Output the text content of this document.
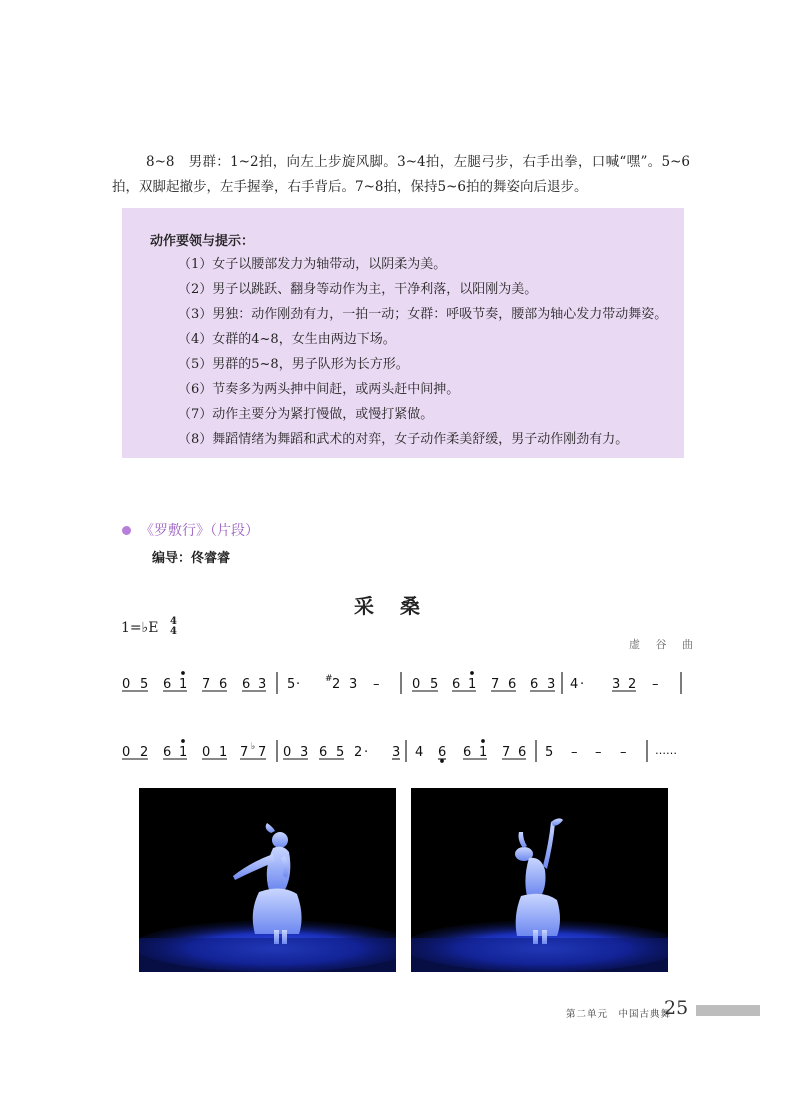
8~8　男群：1~2拍，向左上步旋风脚。3~4拍，左腿弓步，右手出拳，口喊“嘿”。5~6拍，双脚起撤步，左手握拳，右手背后。7~8拍，保持5~6拍的舞姿向后退步。

动作要领与提示：
（1）女子以腰部发力为轴带动，以阴柔为美。
（2）男子以跳跃、翻身等动作为主，干净利落，以阳刚为美。
（3）男独：动作刚劲有力，一拍一动；女群：呼吸节奏，腰部为轴心发力带动舞姿。
（4）女群的4~8，女生由两边下场。
（5）男群的5~8，男子队形为长方形。
（6）节奏多为两头抻中间赶，或两头赶中间抻。
（7）动作主要分为紧打慢做，或慢打紧做。
（8）舞蹈情绪为舞蹈和武术的对弈，女子动作柔美舒缓，男子动作刚劲有力。
《罗敷行》（片段）
编导：佟睿睿
采桑
1=♭E 4
4
虚 谷 曲
0 5 6 1 7 6 6 3 5 ·	# 2 3 –	0 5 6 1 7 6 6 3 4 · 3 2 –
0 2 6 1 0 1 7 ♭ 7 0 3 6 5 2 · 3 4 6 6 1 7 6 5 – – –	……
第二单元　中国古典舞
25
